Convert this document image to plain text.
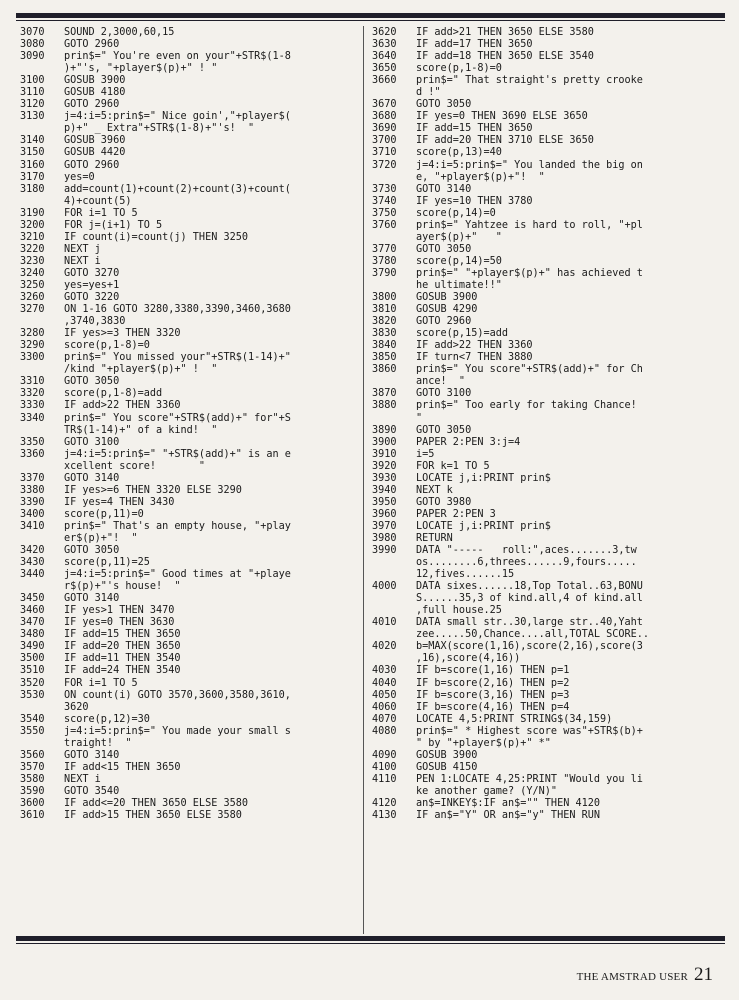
3070	SOUND 2,3000,60,15
3080	GOTO 2960
3090	prin$=" You're even on your"+STR$(1-8
)+"'s, "+player$(p)+" ! "
3100	GOSUB 3900
3110	GOSUB 4180
3120	GOTO 2960
3130	j=4:i=5:prin$=" Nice goin',"+player$(
p)+" _ Extra"+STR$(1-8)+"'s!  "
3140	GOSUB 3960
3150	GOSUB 4420
3160	GOTO 2960
3170	yes=0
3180	add=count(1)+count(2)+count(3)+count(
4)+count(5)
3190	FOR i=1 TO 5
3200	FOR j=(i+1) TO 5
3210	IF count(i)=count(j) THEN 3250
3220	NEXT j
3230	NEXT i
3240	GOTO 3270
3250	yes=yes+1
3260	GOTO 3220
3270	ON 1-16 GOTO 3280,3380,3390,3460,3680
,3740,3830
3280	IF yes>=3 THEN 3320
3290	score(p,1-8)=0
3300	prin$=" You missed your"+STR$(1-14)+"
/kind "+player$(p)+" !  "
3310	GOTO 3050
3320	score(p,1-8)=add
3330	IF add>22 THEN 3360
3340	prin$=" You score"+STR$(add)+" for"+S
TR$(1-14)+" of a kind!  "
3350	GOTO 3100
3360	j=4:i=5:prin$=" "+STR$(add)+" is an e
xcellent score!       "
3370	GOTO 3140
3380	IF yes>=6 THEN 3320 ELSE 3290
3390	IF yes=4 THEN 3430
3400	score(p,11)=0
3410	prin$=" That's an empty house, "+play
er$(p)+"!  "
3420	GOTO 3050
3430	score(p,11)=25
3440	j=4:i=5:prin$=" Good times at "+playe
r$(p)+"'s house!  "
3450	GOTO 3140
3460	IF yes>1 THEN 3470
3470	IF yes=0 THEN 3630
3480	IF add=15 THEN 3650
3490	IF add=20 THEN 3650
3500	IF add=11 THEN 3540
3510	IF add=24 THEN 3540
3520	FOR i=1 TO 5
3530	ON count(i) GOTO 3570,3600,3580,3610,
3620
3540	score(p,12)=30
3550	j=4:i=5:prin$=" You made your small s
traight!  "
3560	GOTO 3140
3570	IF add<15 THEN 3650
3580	NEXT i
3590	GOTO 3540
3600	IF add<=20 THEN 3650 ELSE 3580
3610	IF add>15 THEN 3650 ELSE 3580
3620	IF add>21 THEN 3650 ELSE 3580
3630	IF add=17 THEN 3650
3640	IF add=18 THEN 3650 ELSE 3540
3650	score(p,1-8)=0
3660	prin$=" That straight's pretty crooke
d !"
3670	GOTO 3050
3680	IF yes=0 THEN 3690 ELSE 3650
3690	IF add=15 THEN 3650
3700	IF add=20 THEN 3710 ELSE 3650
3710	score(p,13)=40
3720	j=4:i=5:prin$=" You landed the big on
e, "+player$(p)+"!  "
3730	GOTO 3140
3740	IF yes=10 THEN 3780
3750	score(p,14)=0
3760	prin$=" Yahtzee is hard to roll, "+pl
ayer$(p)+"   "
3770	GOTO 3050
3780	score(p,14)=50
3790	prin$=" "+player$(p)+" has achieved t
he ultimate!!"
3800	GOSUB 3900
3810	GOSUB 4290
3820	GOTO 2960
3830	score(p,15)=add
3840	IF add>22 THEN 3360
3850	IF turn<7 THEN 3880
3860	prin$=" You score"+STR$(add)+" for Ch
ance!  "
3870	GOTO 3100
3880	prin$=" Too early for taking Chance!
"
3890	GOTO 3050
3900	PAPER 2:PEN 3:j=4
3910	i=5
3920	FOR k=1 TO 5
3930	LOCATE j,i:PRINT prin$
3940	NEXT k
3950	GOTO 3980
3960	PAPER 2:PEN 3
3970	LOCATE j,i:PRINT prin$
3980	RETURN
3990	DATA "-----   roll:",aces.......3,tw
os........6,threes......9,fours.....
12,fives......15
4000	DATA sixes......18,Top Total..63,BONU
S......35,3 of kind.all,4 of kind.all
,full house.25
4010	DATA small str..30,large str..40,Yaht
zee.....50,Chance....all,TOTAL SCORE..
4020	b=MAX(score(1,16),score(2,16),score(3
,16),score(4,16))
4030	IF b=score(1,16) THEN p=1
4040	IF b=score(2,16) THEN p=2
4050	IF b=score(3,16) THEN p=3
4060	IF b=score(4,16) THEN p=4
4070	LOCATE 4,5:PRINT STRING$(34,159)
4080	prin$=" * Highest score was"+STR$(b)+
" by "+player$(p)+" *"
4090	GOSUB 3900
4100	GOSUB 4150
4110	PEN 1:LOCATE 4,25:PRINT "Would you li
ke another game? (Y/N)"
4120	an$=INKEY$:IF an$="" THEN 4120
4130	IF an$="Y" OR an$="y" THEN RUN
THE AMSTRAD USER 21
